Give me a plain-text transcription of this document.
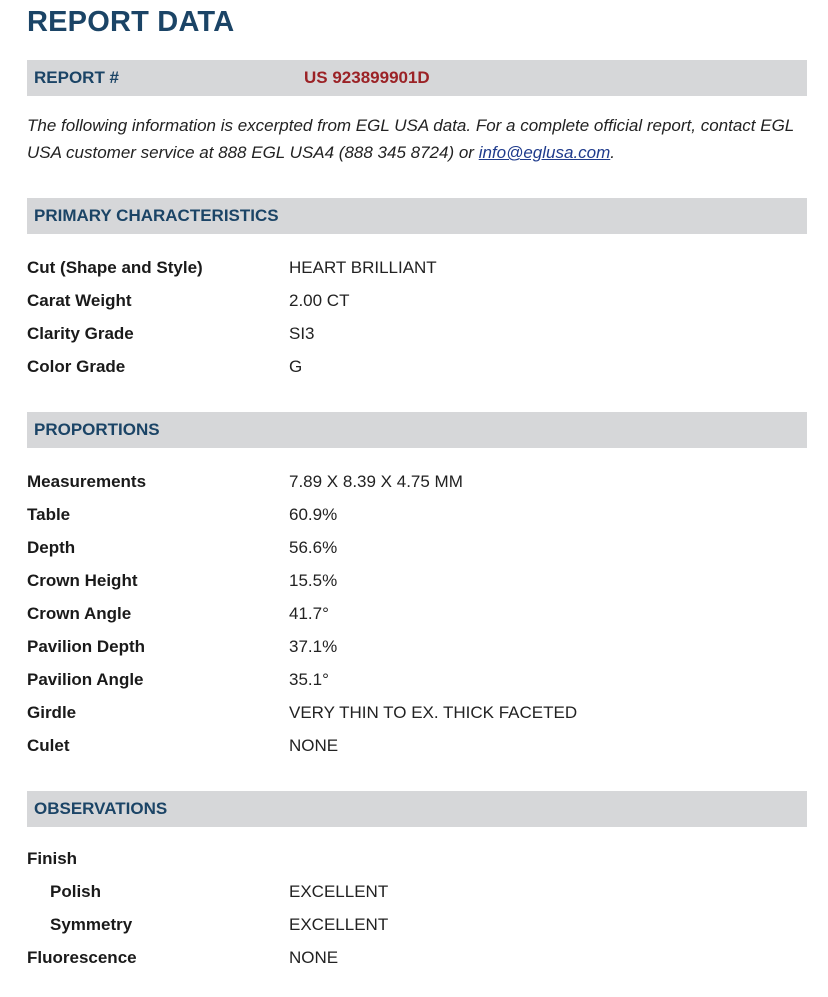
REPORT DATA
REPORT #	US 923899901D

The following information is excerpted from EGL USA data. For a complete official report, contact EGL USA customer service at 888 EGL USA4 (888 345 8724) or info@eglusa.com.

PRIMARY CHARACTERISTICS
Cut (Shape and Style)	HEART BRILLIANT
Carat Weight	2.00 CT
Clarity Grade	SI3
Color Grade	G
PROPORTIONS
Measurements	7.89 X 8.39 X 4.75 MM
Table	60.9%
Depth	56.6%
Crown Height	15.5%
Crown Angle	41.7°
Pavilion Depth	37.1%
Pavilion Angle	35.1°
Girdle	VERY THIN TO EX. THICK FACETED
Culet	NONE
OBSERVATIONS
Finish
Polish	EXCELLENT
Symmetry	EXCELLENT
Fluorescence	NONE
